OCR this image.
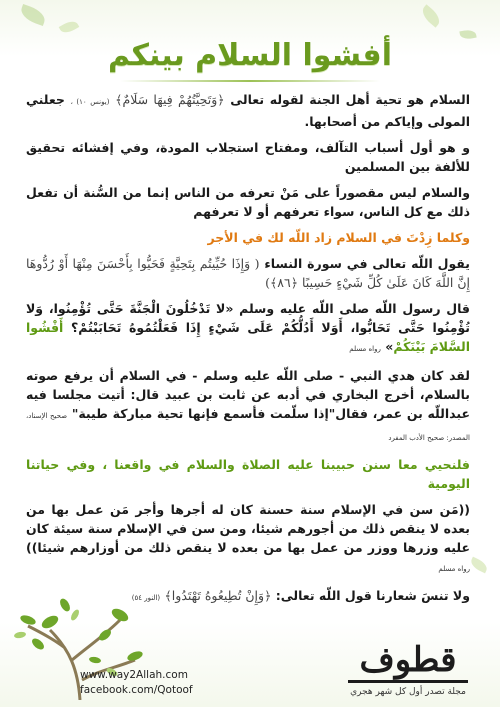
أفشوا السلام بينكم

السلام هو تحية أهل الجنة لقوله تعالى ﴿وَتَحِيَّتُهُمْ فِيهَا سَلَامٌ﴾ (يونس ١٠) ، جعلني المولى وإياكم من أصحابها.

و هو أول أسباب التآلف، ومفتاح استجلاب المودة، وفي إفشائه تحقيق للألفة بين المسلمين

والسلام ليس مقصوراً على مَنْ تعرفه من الناس إنما من السُّنة أن تفعل ذلك مع كل الناس، سواء تعرفهم أو لا تعرفهم

وكلما زِدْتَ في السلام زاد اللّه لك في الأجر

يقول اللّه تعالى في سورة النساء ( وَإِذَا حُيِّيتُم بِتَحِيَّةٍ فَحَيُّوا بِأَحْسَنَ مِنْهَا أَوْ رُدُّوهَا إِنَّ اللَّهَ كَانَ عَلَىٰ كُلِّ شَيْءٍ حَسِيبًا ﴿٨٦﴾)

قال رسول اللّه صلى اللّه عليه وسلم «لا تَدْخُلُونَ الْجَنَّةَ حَتَّى تُؤْمِنُوا، وَلا تُؤْمِنُوا حَتَّى تَحَابُّوا، أَوَلا أَدُلُّكُمْ عَلَى شَيْءٍ إِذَا فَعَلْتُمُوهُ تَحَابَبْتُمْ؟ أَفْشُوا السَّلامَ بَيْنَكُمْ» رواه مسلم

لقد كان هدي النبي - صلى اللّه عليه وسلم - في السلام أن يرفع صوته بالسلام، أخرج البخاري في أدبه عن ثابت بن عبيد قال: أتيت مجلسا فيه عبداللّه بن عمر، فقال"إذا سلّمت فأسمع فإنها تحية مباركة طيبة" صحيح الإسناد، المصدر: صحيح الأدب المفرد

فلنحيي معا سنن حبيبنا عليه الصلاة والسلام في واقعنا ، وفي حياتنا اليومية

((مَن سن في الإسلام سنة حسنة كان له أجرها وأجر مَن عمل بها من بعده لا ينقص ذلك من أجورهم شيئا، ومن سن في الإسلام سنة سيئة كان عليه وزرها ووزر من عمل بها من بعده لا ينقص ذلك من أوزارهم شيئا)) رواه مسلم

ولا تنسَ شعارنا قول اللّه تعالى: ﴿وَإِنْ تُطِيعُوهُ تَهْتَدُوا﴾ (النور ٥٤)

قطوف
مجلة تصدر أول كل شهر هجري
www.way2Allah.com
facebook.com/Qotoof
